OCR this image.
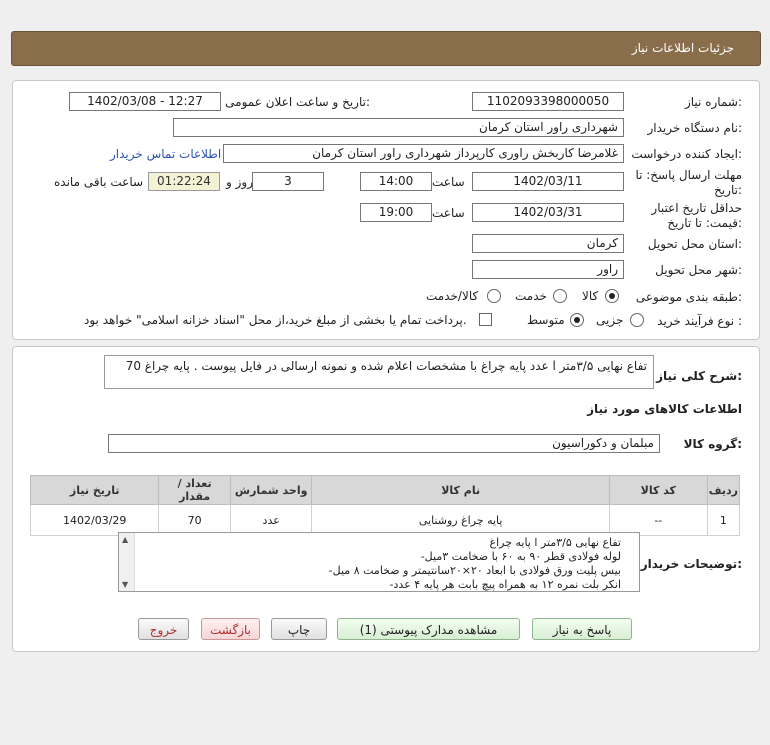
جزئیات اطلاعات نیاز
شماره نیاز:
1102093398000050
تاریخ و ساعت اعلان عمومی:
1402/03/08 - 12:27
نام دستگاه خریدار:
شهرداری راور استان کرمان
ایجاد کننده درخواست:
غلامرضا کاربخش راوری کارپرداز شهرداری راور استان کرمان
اطلاعات تماس خریدار
مهلت ارسال پاسخ: تا
تاریخ:
1402/03/11
ساعت
14:00
3
روز و
01:22:24
ساعت باقی مانده
حداقل تاریخ اعتبار
قیمت: تا تاریخ:
1402/03/31
ساعت
19:00
استان محل تحویل:
کرمان
شهر محل تحویل:
راور
طبقه بندی موضوعی:
کالا
خدمت
کالا/خدمت
نوع فرآیند خرید :
جزیی
متوسط
پرداخت تمام یا بخشی از مبلغ خرید،از محل "اسناد خزانه اسلامی" خواهد بود.
شرح کلی نیاز:
70 عدد پایه چراغ با مشخصات اعلام شده و نمونه ارسالی در فایل پیوست . پایه چراغ l تفاع نهایی ۳/۵متر
اطلاعات کالاهای مورد نیاز
گروه کالا:
مبلمان و دکوراسیون
تاریخ نیاز	تعداد / مقدار	واحد شمارش	نام کالا	کد کالا	ردیف
1402/03/29	70	عدد	پایه چراغ روشنایی	--	1
توضیحات خریدار:
▲
▼
پایه چراغ l تفاع نهایی ۳/۵متر
-لوله فولادی قطر ۹۰ به ۶۰ با ضخامت ۳میل
-بیس پلیت ورق فولادی با ابعاد ۲۰×۲۰سانتیمتر و ضخامت ۸ میل
-انکر بلت نمره ۱۲ به همراه پیچ بابت هر پایه ۴ عدد
پاسخ به نیاز
مشاهده مدارک پیوستی (1)
چاپ
بازگشت
خروج
